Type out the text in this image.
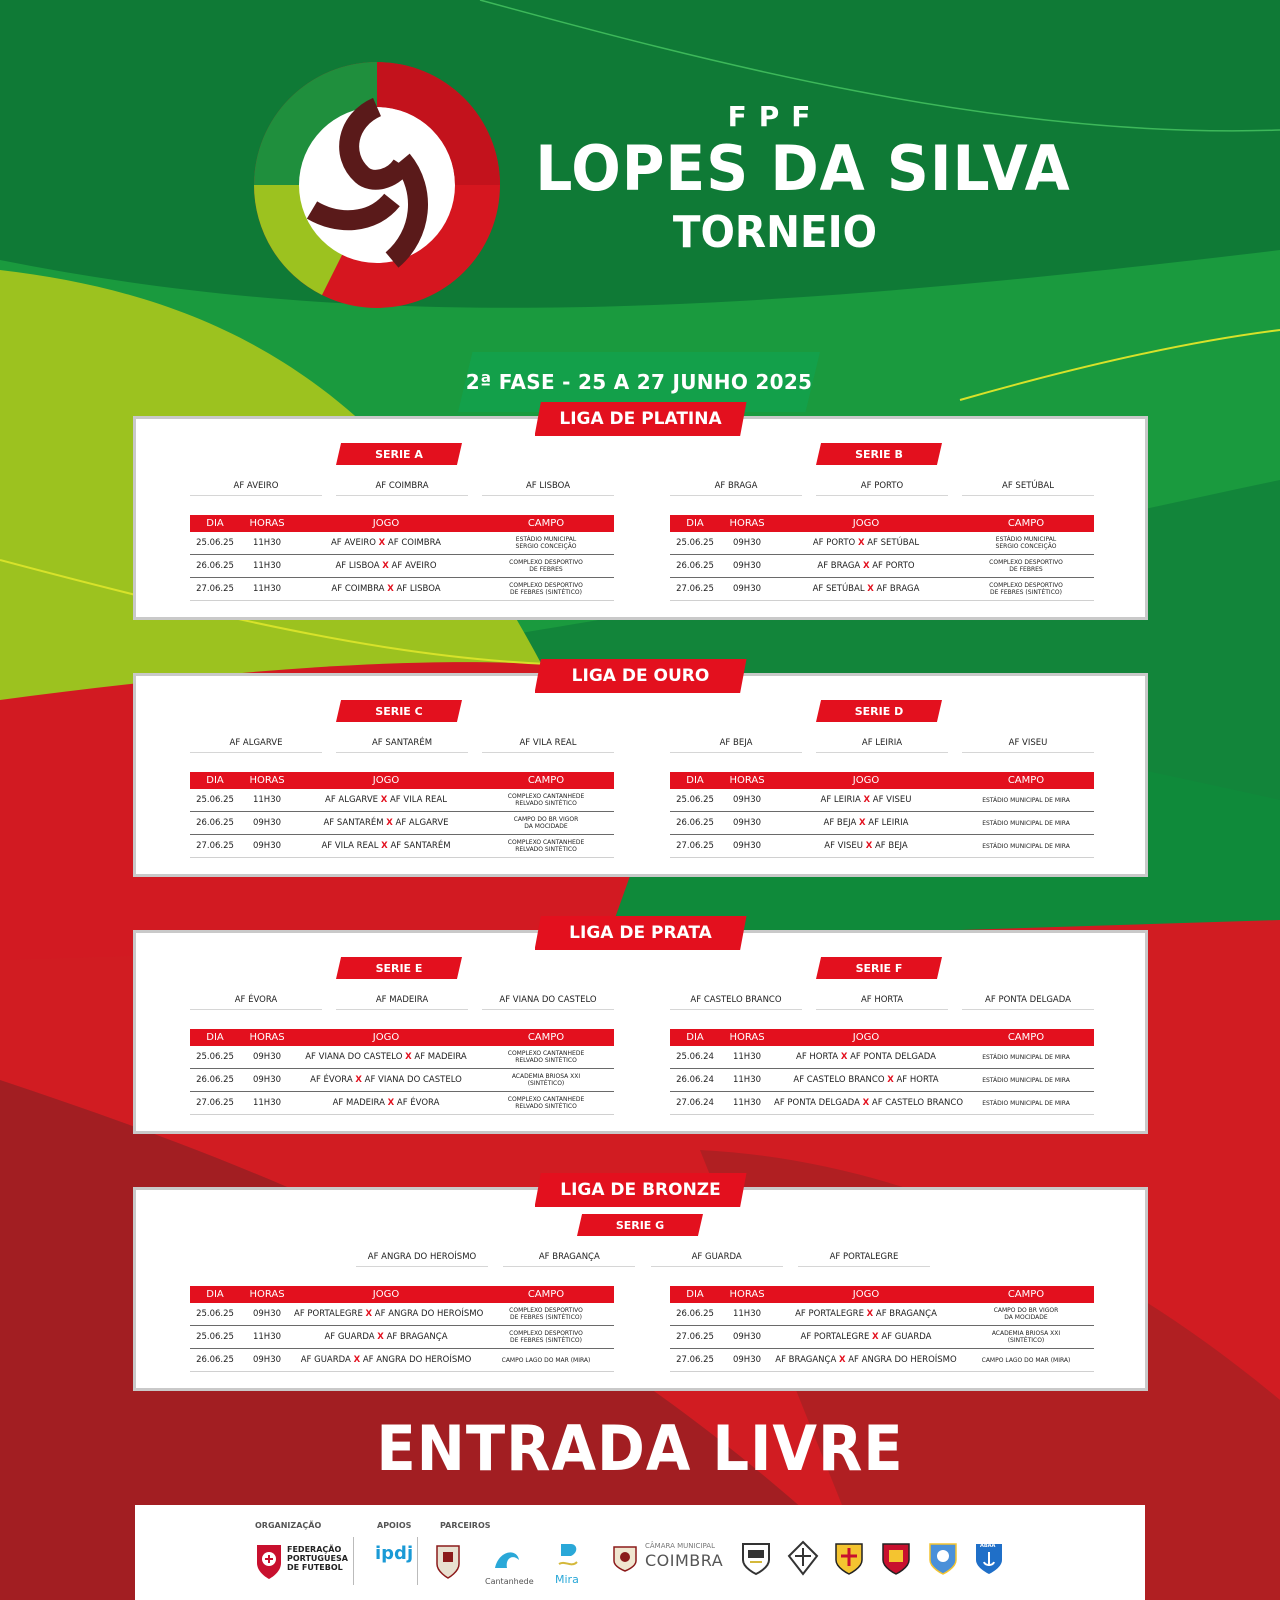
FPF
LOPES DA SILVA
TORNEIO
2ª FASE - 25 A 27 JUNHO 2025
LIGA DE PLATINA
SERIE A
AF AVEIRO	AF COIMBRA	AF LISBOA
DIA	HORAS	JOGO	CAMPO
25.06.25	11H30	AF AVEIRO X AF COIMBRA	ESTÁDIO MUNICIPAL
SERGIO CONCEIÇÃO
26.06.25	11H30	AF LISBOA X AF AVEIRO	COMPLEXO DESPORTIVO
DE FEBRES
27.06.25	11H30	AF COIMBRA X AF LISBOA	COMPLEXO DESPORTIVO
DE FEBRES (SINTÉTICO)
SERIE B
AF BRAGA	AF PORTO	AF SETÚBAL
DIA	HORAS	JOGO	CAMPO
25.06.25	09H30	AF PORTO X AF SETÚBAL	ESTÁDIO MUNICIPAL
SERGIO CONCEIÇÃO
26.06.25	09H30	AF BRAGA X AF PORTO	COMPLEXO DESPORTIVO
DE FEBRES
27.06.25	09H30	AF SETÚBAL X AF BRAGA	COMPLEXO DESPORTIVO
DE FEBRES (SINTÉTICO)
LIGA DE OURO
SERIE C
AF ALGARVE	AF SANTARÉM	AF VILA REAL
DIA	HORAS	JOGO	CAMPO
25.06.25	11H30	AF ALGARVE X AF VILA REAL	COMPLEXO CANTANHEDE
RELVADO SINTÉTICO
26.06.25	09H30	AF SANTARÉM X AF ALGARVE	CAMPO DO BR VIGOR
DA MOCIDADE
27.06.25	09H30	AF VILA REAL X AF SANTARÉM	COMPLEXO CANTANHEDE
RELVADO SINTÉTICO
SERIE D
AF BEJA	AF LEIRIA	AF VISEU
DIA	HORAS	JOGO	CAMPO
25.06.25	09H30	AF LEIRIA X AF VISEU	ESTÁDIO MUNICIPAL DE MIRA
26.06.25	09H30	AF BEJA X AF LEIRIA	ESTÁDIO MUNICIPAL DE MIRA
27.06.25	09H30	AF VISEU X AF BEJA	ESTÁDIO MUNICIPAL DE MIRA
LIGA DE PRATA
SERIE E
AF ÉVORA	AF MADEIRA	AF VIANA DO CASTELO
DIA	HORAS	JOGO	CAMPO
25.06.25	09H30	AF VIANA DO CASTELO X AF MADEIRA	COMPLEXO CANTANHEDE
RELVADO SINTÉTICO
26.06.25	09H30	AF ÉVORA X AF VIANA DO CASTELO	ACADEMIA BRIOSA XXI
(SINTÉTICO)
27.06.25	11H30	AF MADEIRA X AF ÉVORA	COMPLEXO CANTANHEDE
RELVADO SINTÉTICO
SERIE F
AF CASTELO BRANCO	AF HORTA	AF PONTA DELGADA
DIA	HORAS	JOGO	CAMPO
25.06.24	11H30	AF HORTA X AF PONTA DELGADA	ESTÁDIO MUNICIPAL DE MIRA
26.06.24	11H30	AF CASTELO BRANCO X AF HORTA	ESTÁDIO MUNICIPAL DE MIRA
27.06.24	11H30	AF PONTA DELGADA X AF CASTELO BRANCO	ESTÁDIO MUNICIPAL DE MIRA
LIGA DE BRONZE
SERIE G
AF ANGRA DO HEROÍSMO	AF BRAGANÇA	AF GUARDA	AF PORTALEGRE
DIA	HORAS	JOGO	CAMPO
25.06.25	09H30	AF PORTALEGRE X AF ANGRA DO HEROÍSMO	COMPLEXO DESPORTIVO
DE FEBRES (SINTÉTICO)
25.06.25	11H30	AF GUARDA X AF BRAGANÇA	COMPLEXO DESPORTIVO
DE FEBRES (SINTÉTICO)
26.06.25	09H30	AF GUARDA X AF ANGRA DO HEROÍSMO	CAMPO LAGO DO MAR (MIRA)
DIA	HORAS	JOGO	CAMPO
26.06.25	11H30	AF PORTALEGRE X AF BRAGANÇA	CAMPO DO BR VIGOR
DA MOCIDADE
27.06.25	09H30	AF PORTALEGRE X AF GUARDA	ACADEMIA BRIOSA XXI
(SINTÉTICO)
27.06.25	09H30	AF BRAGANÇA X AF ANGRA DO HEROÍSMO	CAMPO LAGO DO MAR (MIRA)
ENTRADA LIVRE
ORGANIZAÇÃO	APOIOS	PARCEIROS
FEDERAÇÃO
PORTUGUESA
DE FUTEBOL
ipdj
Cantanhede Mira
CÂMARA MUNICIPAL
COIMBRA
ABAA
